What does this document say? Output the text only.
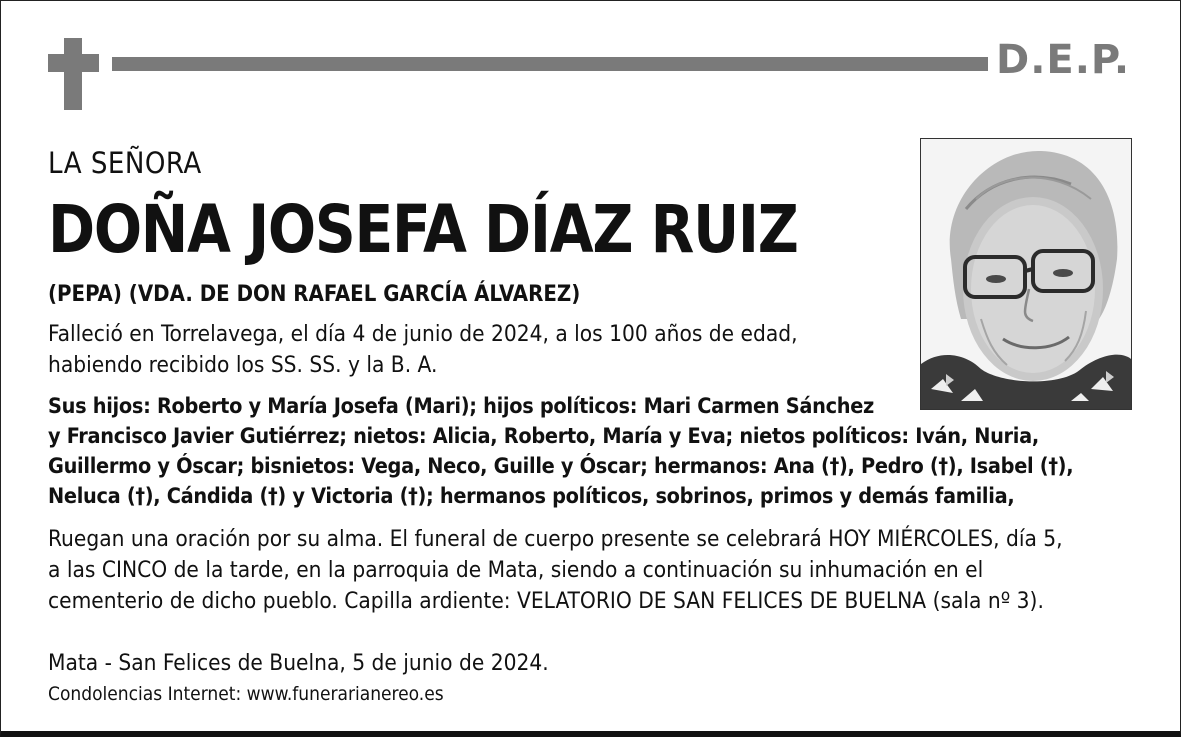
D.E.P.
LA SEÑORA
DOÑA JOSEFA DÍAZ RUIZ
(PEPA) (VDA. DE DON RAFAEL GARCÍA ÁLVAREZ)
Falleció en Torrelavega, el día 4 de junio de 2024, a los 100 años de edad,
habiendo recibido los SS. SS. y la B. A.
Sus hijos: Roberto y María Josefa (Mari); hijos políticos: Mari Carmen Sánchez
y Francisco Javier Gutiérrez; nietos: Alicia, Roberto, María y Eva; nietos políticos: Iván, Nuria,
Guillermo y Óscar; bisnietos: Vega, Neco, Guille y Óscar; hermanos: Ana (†), Pedro (†), Isabel (†),
Neluca (†), Cándida (†) y Victoria (†); hermanos políticos, sobrinos, primos y demás familia,
Ruegan una oración por su alma. El funeral de cuerpo presente se celebrará HOY MIÉRCOLES, día 5,
a las CINCO de la tarde, en la parroquia de Mata, siendo a continuación su inhumación en el
cementerio de dicho pueblo. Capilla ardiente: VELATORIO DE SAN FELICES DE BUELNA (sala nº 3).
Mata - San Felices de Buelna, 5 de junio de 2024.
Condolencias Internet: www.funerarianereo.es
